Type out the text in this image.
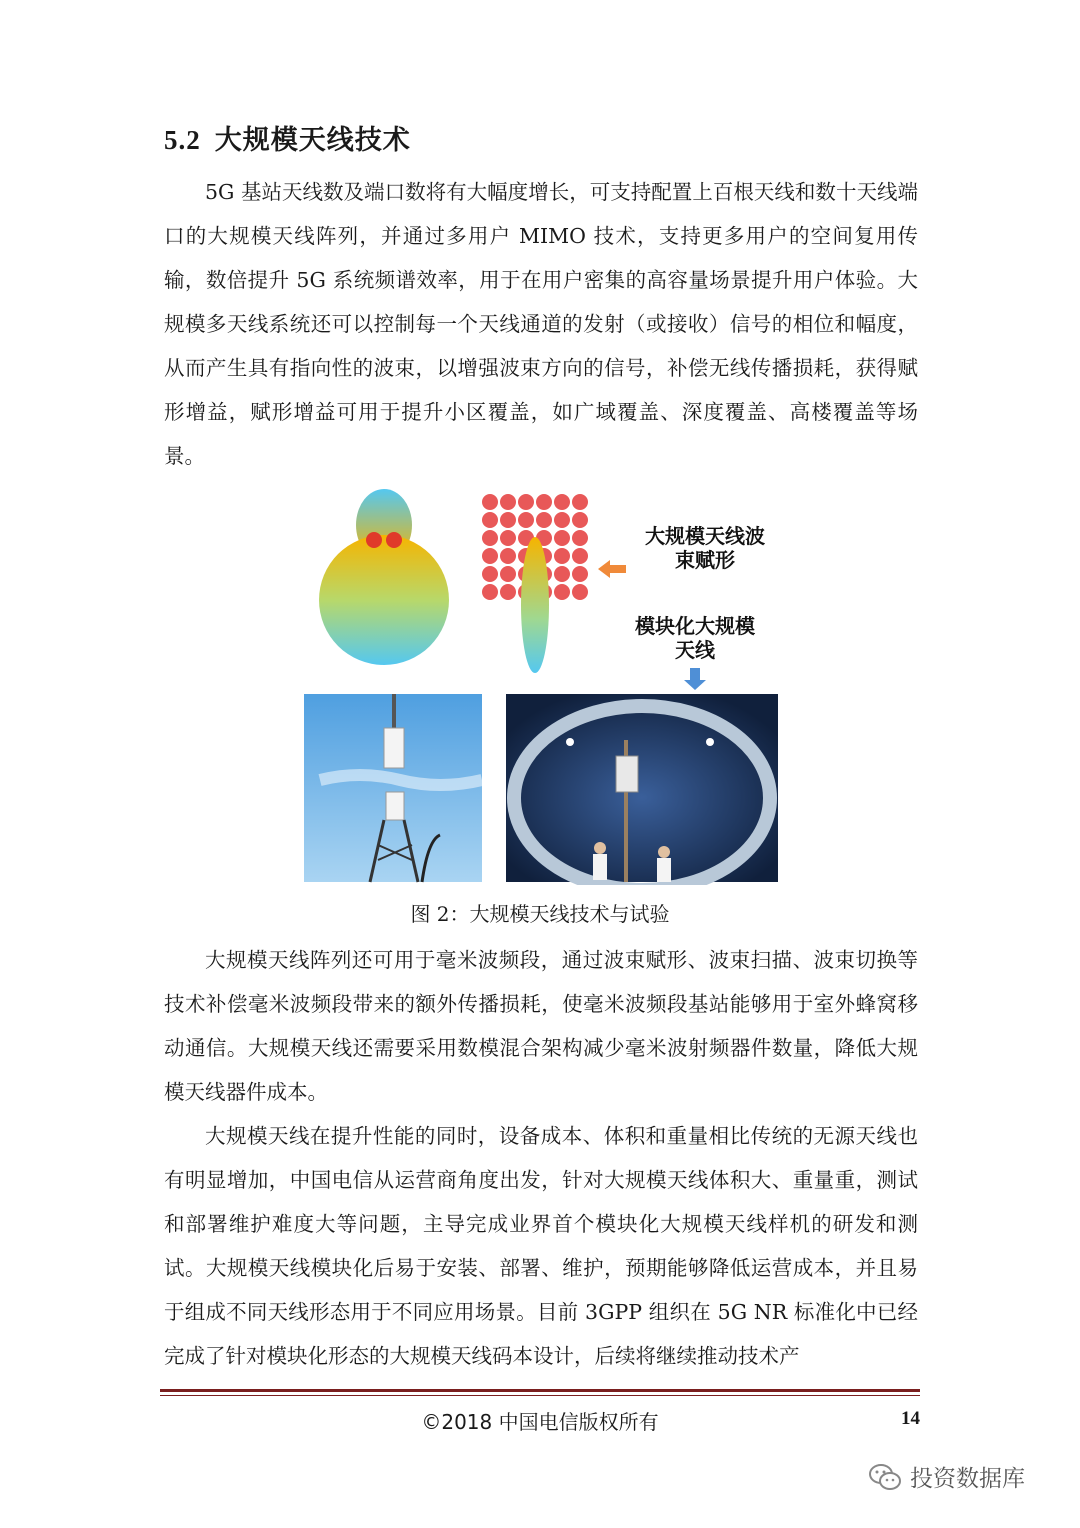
5.2 大规模天线技术

5G 基站天线数及端口数将有大幅度增长，可支持配置上百根天线和数十天线端口的大规模天线阵列，并通过多用户 MIMO 技术，支持更多用户的空间复用传输，数倍提升 5G 系统频谱效率，用于在用户密集的高容量场景提升用户体验。大规模多天线系统还可以控制每一个天线通道的发射（或接收）信号的相位和幅度，从而产生具有指向性的波束，以增强波束方向的信号，补偿无线传播损耗，获得赋形增益，赋形增益可用于提升小区覆盖，如广域覆盖、深度覆盖、高楼覆盖等场景。

大规模天线波
束赋形
模块化大规模
天线
图 2：大规模天线技术与试验

大规模天线阵列还可用于毫米波频段，通过波束赋形、波束扫描、波束切换等技术补偿毫米波频段带来的额外传播损耗，使毫米波频段基站能够用于室外蜂窝移动通信。大规模天线还需要采用数模混合架构减少毫米波射频器件数量，降低大规模天线器件成本。

大规模天线在提升性能的同时，设备成本、体积和重量相比传统的无源天线也有明显增加，中国电信从运营商角度出发，针对大规模天线体积大、重量重，测试和部署维护难度大等问题，主导完成业界首个模块化大规模天线样机的研发和测试。大规模天线模块化后易于安装、部署、维护，预期能够降低运营成本，并且易于组成不同天线形态用于不同应用场景。目前 3GPP 组织在 5G NR 标准化中已经完成了针对模块化形态的大规模天线码本设计，后续将继续推动技术产

©2018 中国电信版权所有	14
投资数据库
